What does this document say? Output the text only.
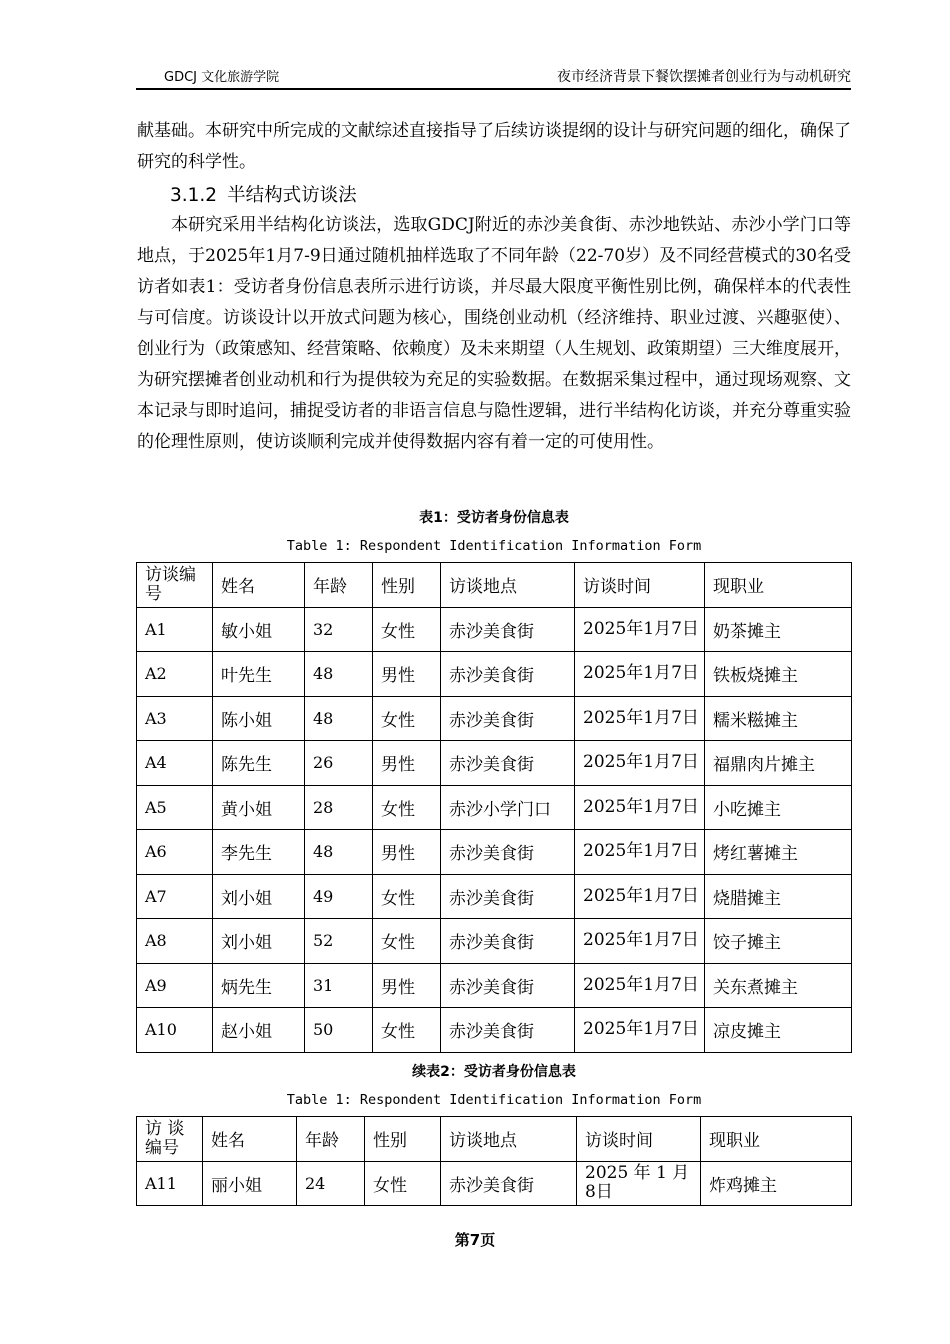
GDCJ 文化旅游学院	夜市经济背景下餐饮摆摊者创业行为与动机研究

献基础。本研究中所完成的文献综述直接指导了后续访谈提纲的设计与研究问题的细化，确保了研究的科学性。

3.1.2 半结构式访谈法

本研究采用半结构化访谈法，选取GDCJ附近的赤沙美食街、赤沙地铁站、赤沙小学门口等地点，于2025年1月7-9日通过随机抽样选取了不同年龄（22-70岁）及不同经营模式的30名受访者如表1：受访者身份信息表所示进行访谈，并尽最大限度平衡性别比例，确保样本的代表性与可信度。访谈设计以开放式问题为核心，围绕创业动机（经济维持、职业过渡、兴趣驱使）、创业行为（政策感知、经营策略、依赖度）及未来期望（人生规划、政策期望）三大维度展开，为研究摆摊者创业动机和行为提供较为充足的实验数据。在数据采集过程中，通过现场观察、文本记录与即时追问，捕捉受访者的非语言信息与隐性逻辑，进行半结构化访谈，并充分尊重实验的伦理性原则，使访谈顺利完成并使得数据内容有着一定的可使用性。

表1：受访者身份信息表
Table 1: Respondent Identification Information Form
访谈编号	姓名	年龄	性别	访谈地点	访谈时间	现职业
A1	敏小姐	32	女性	赤沙美食街	2025年1月7日	奶茶摊主
A2	叶先生	48	男性	赤沙美食街	2025年1月7日	铁板烧摊主
A3	陈小姐	48	女性	赤沙美食街	2025年1月7日	糯米糍摊主
A4	陈先生	26	男性	赤沙美食街	2025年1月7日	福鼎肉片摊主
A5	黄小姐	28	女性	赤沙小学门口	2025年1月7日	小吃摊主
A6	李先生	48	男性	赤沙美食街	2025年1月7日	烤红薯摊主
A7	刘小姐	49	女性	赤沙美食街	2025年1月7日	烧腊摊主
A8	刘小姐	52	女性	赤沙美食街	2025年1月7日	饺子摊主
A9	炳先生	31	男性	赤沙美食街	2025年1月7日	关东煮摊主
A10	赵小姐	50	女性	赤沙美食街	2025年1月7日	凉皮摊主
续表2：受访者身份信息表
Table 1: Respondent Identification Information Form
访 谈编号	姓名	年龄	性别	访谈地点	访谈时间	现职业
A11	丽小姐	24	女性	赤沙美食街	2025 年 1 月 8日	炸鸡摊主
第7页
